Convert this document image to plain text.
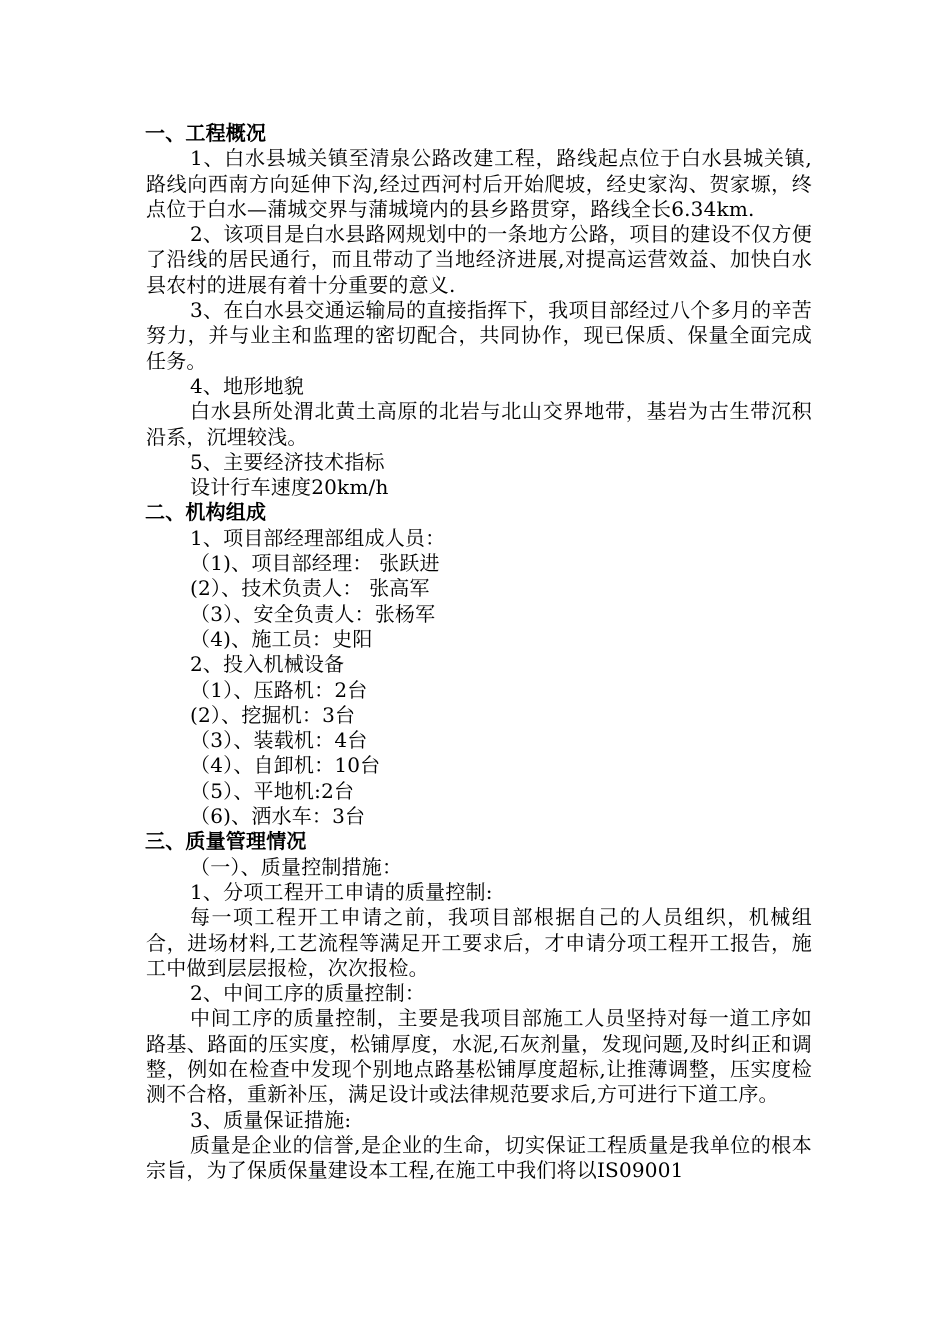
一、工程概况
1、白水县城关镇至清泉公路改建工程，路线起点位于白水县城关镇,路线向西南方向延伸下沟,经过西河村后开始爬坡，经史家沟、贺家塬，终点位于白水—蒲城交界与蒲城境内的县乡路贯穿，路线全长6.34km.
2、该项目是白水县路网规划中的一条地方公路，项目的建设不仅方便了沿线的居民通行，而且带动了当地经济进展,对提高运营效益、加快白水县农村的进展有着十分重要的意义.
3、在白水县交通运输局的直接指挥下，我项目部经过八个多月的辛苦努力，并与业主和监理的密切配合，共同协作，现已保质、保量全面完成任务。
4、地形地貌
白水县所处渭北黄土高原的北岩与北山交界地带，基岩为古生带沉积沿系，沉埋较浅。
5、主要经济技术指标
设计行车速度20km/h
二、机构组成
1、项目部经理部组成人员：
（1)、项目部经理： 张跃进
(2）、技术负责人： 张高军
（3）、安全负责人：张杨军
（4)、施工员：史阳
2、投入机械设备
（1）、压路机：2台
(2）、挖掘机：3台
（3）、装载机：4台
（4）、自卸机：10台
（5）、平地机:2台
（6)、洒水车：3台
三、质量管理情况
（一）、质量控制措施：
1、分项工程开工申请的质量控制:
每一项工程开工申请之前，我项目部根据自己的人员组织，机械组合，进场材料,工艺流程等满足开工要求后，才申请分项工程开工报告，施工中做到层层报检，次次报检。
2、中间工序的质量控制：
中间工序的质量控制，主要是我项目部施工人员坚持对每一道工序如路基、路面的压实度，松铺厚度，水泥,石灰剂量，发现问题,及时纠正和调整，例如在检查中发现个别地点路基松铺厚度超标,让推薄调整，压实度检测不合格，重新补压，满足设计或法律规范要求后,方可进行下道工序。
3、质量保证措施:
质量是企业的信誉,是企业的生命，切实保证工程质量是我单位的根本宗旨，为了保质保量建设本工程,在施工中我们将以IS09001
